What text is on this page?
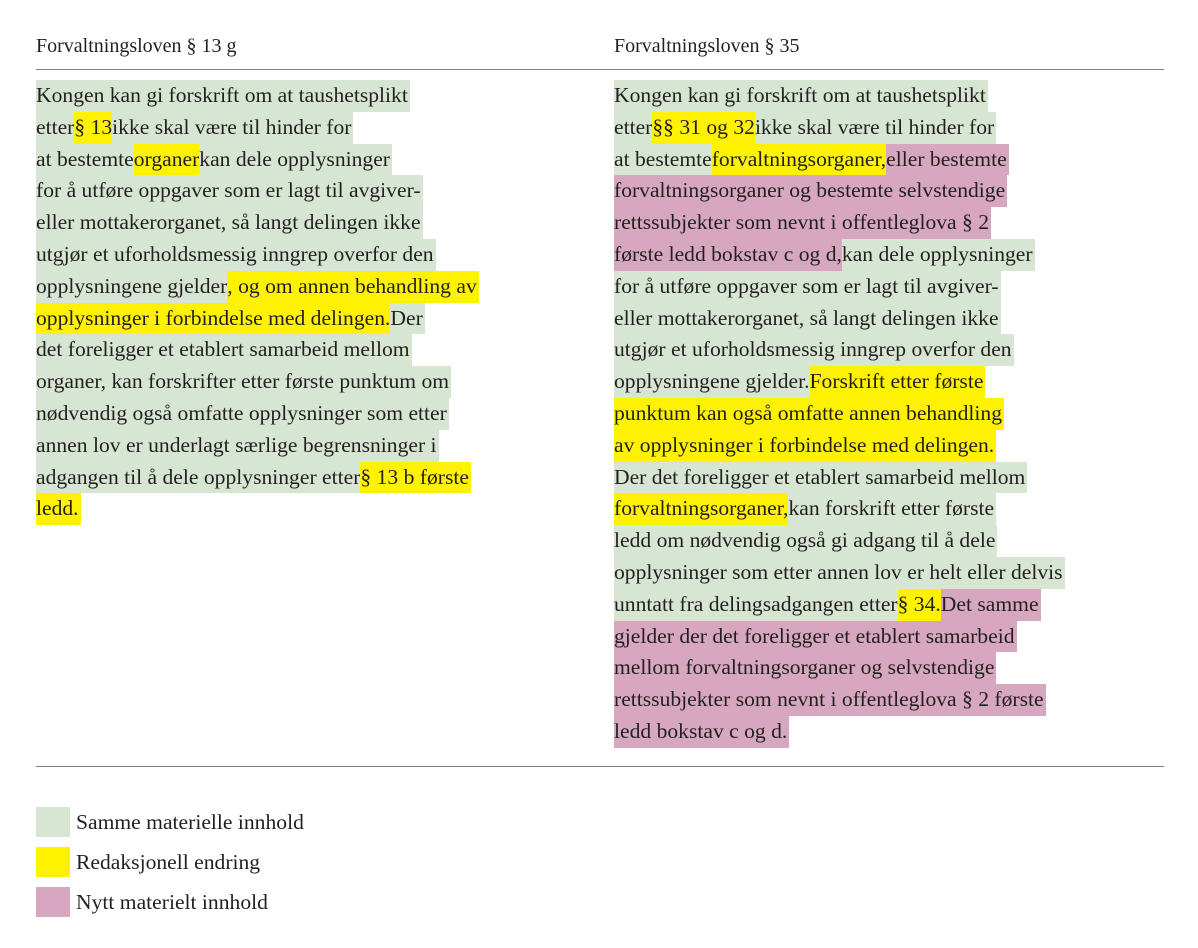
Forvaltningsloven § 13 g	Forvaltningsloven § 35
Kongen kan gi forskrift om at taushetsplikt
etter§ 13ikke skal være til hinder for
at bestemteorganerkan dele opplysninger
for å utføre oppgaver som er lagt til avgiver-
eller mottakerorganet, så langt delingen ikke
utgjør et uforholdsmessig inngrep overfor den
opplysningene gjelder, og om annen behandling av
opplysninger i forbindelse med delingen.Der
det foreligger et etablert samarbeid mellom
organer, kan forskrifter etter første punktum om
nødvendig også omfatte opplysninger som etter
annen lov er underlagt særlige begrensninger i
adgangen til å dele opplysninger etter§ 13 b første
ledd.
Kongen kan gi forskrift om at taushetsplikt
etter§§ 31 og 32ikke skal være til hinder for
at bestemteforvaltningsorganer,eller bestemte
forvaltningsorganer og bestemte selvstendige
rettssubjekter som nevnt i offentleglova § 2
første ledd bokstav c og d,kan dele opplysninger
for å utføre oppgaver som er lagt til avgiver-
eller mottakerorganet, så langt delingen ikke
utgjør et uforholdsmessig inngrep overfor den
opplysningene gjelder.Forskrift etter første
punktum kan også omfatte annen behandling
av opplysninger i forbindelse med delingen.
Der det foreligger et etablert samarbeid mellom
forvaltningsorganer,kan forskrift etter første
ledd om nødvendig også gi adgang til å dele
opplysninger som etter annen lov er helt eller delvis
unntatt fra delingsadgangen etter§ 34.Det samme
gjelder der det foreligger et etablert samarbeid
mellom forvaltningsorganer og selvstendige
rettssubjekter som nevnt i offentleglova § 2 første
ledd bokstav c og d.
Samme materielle innhold
Redaksjonell endring
Nytt materielt innhold
